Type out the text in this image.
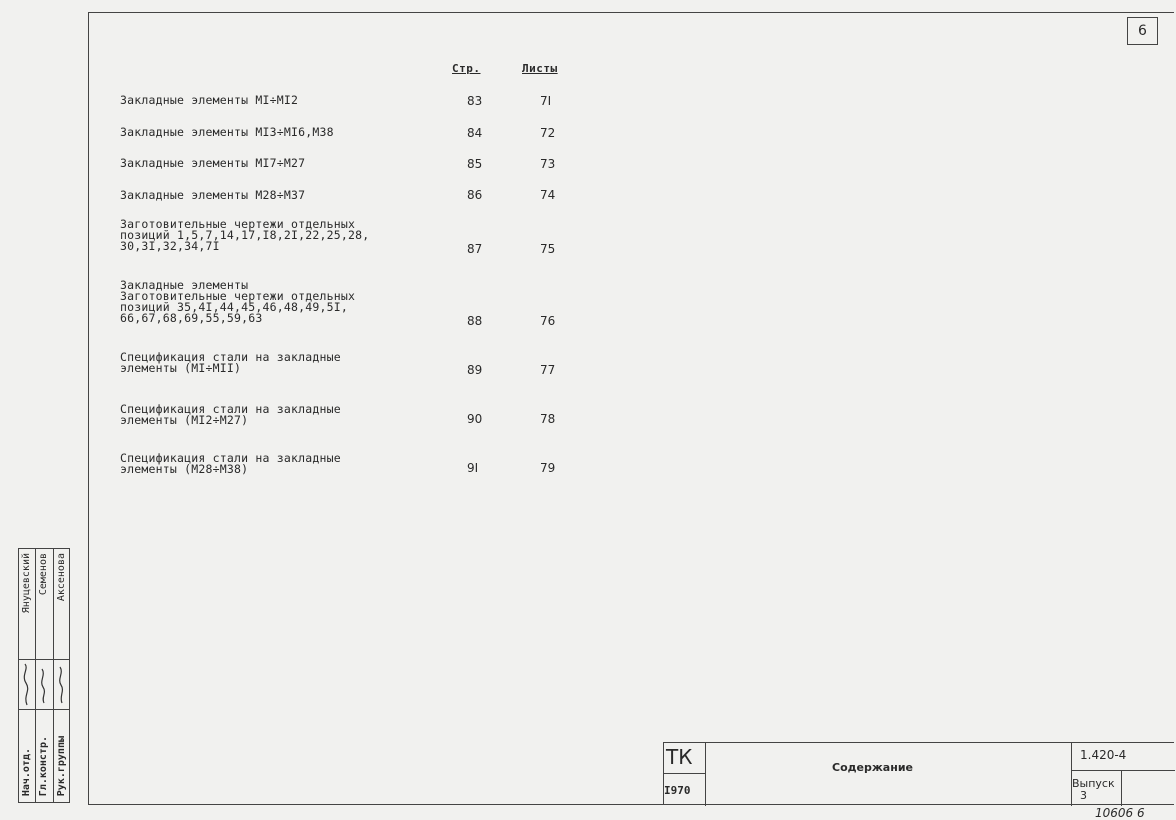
6
Стр.	Листы
Закладные элементы МI÷МI2	83	7I
Закладные элементы МI3÷МI6,М38	84	72
Закладные элементы МI7÷М27	85	73
Закладные элементы М28÷М37	86	74
Заготовительные чертежи отдельных
позиций 1,5,7,14,17,I8,2I,22,25,28,
30,3I,32,34,7I	87	75
Закладные элементы
Заготовительные чертежи отдельных
позиций 35,4I,44,45,46,48,49,5I,
66,67,68,69,55,59,63	88	76
Спецификация стали на закладные
элементы (МI÷МII)	89	77
Спецификация стали на закладные
элементы (МI2÷М27)	90	78
Спецификация стали на закладные
элементы (М28÷М38)	9I	79
Нач.отд. Гл.констр. Рук.группы
Януцевский Семенов Аксенова
ТК
I970
Содержание
1.420-4
Выпуск
3
10606 6
